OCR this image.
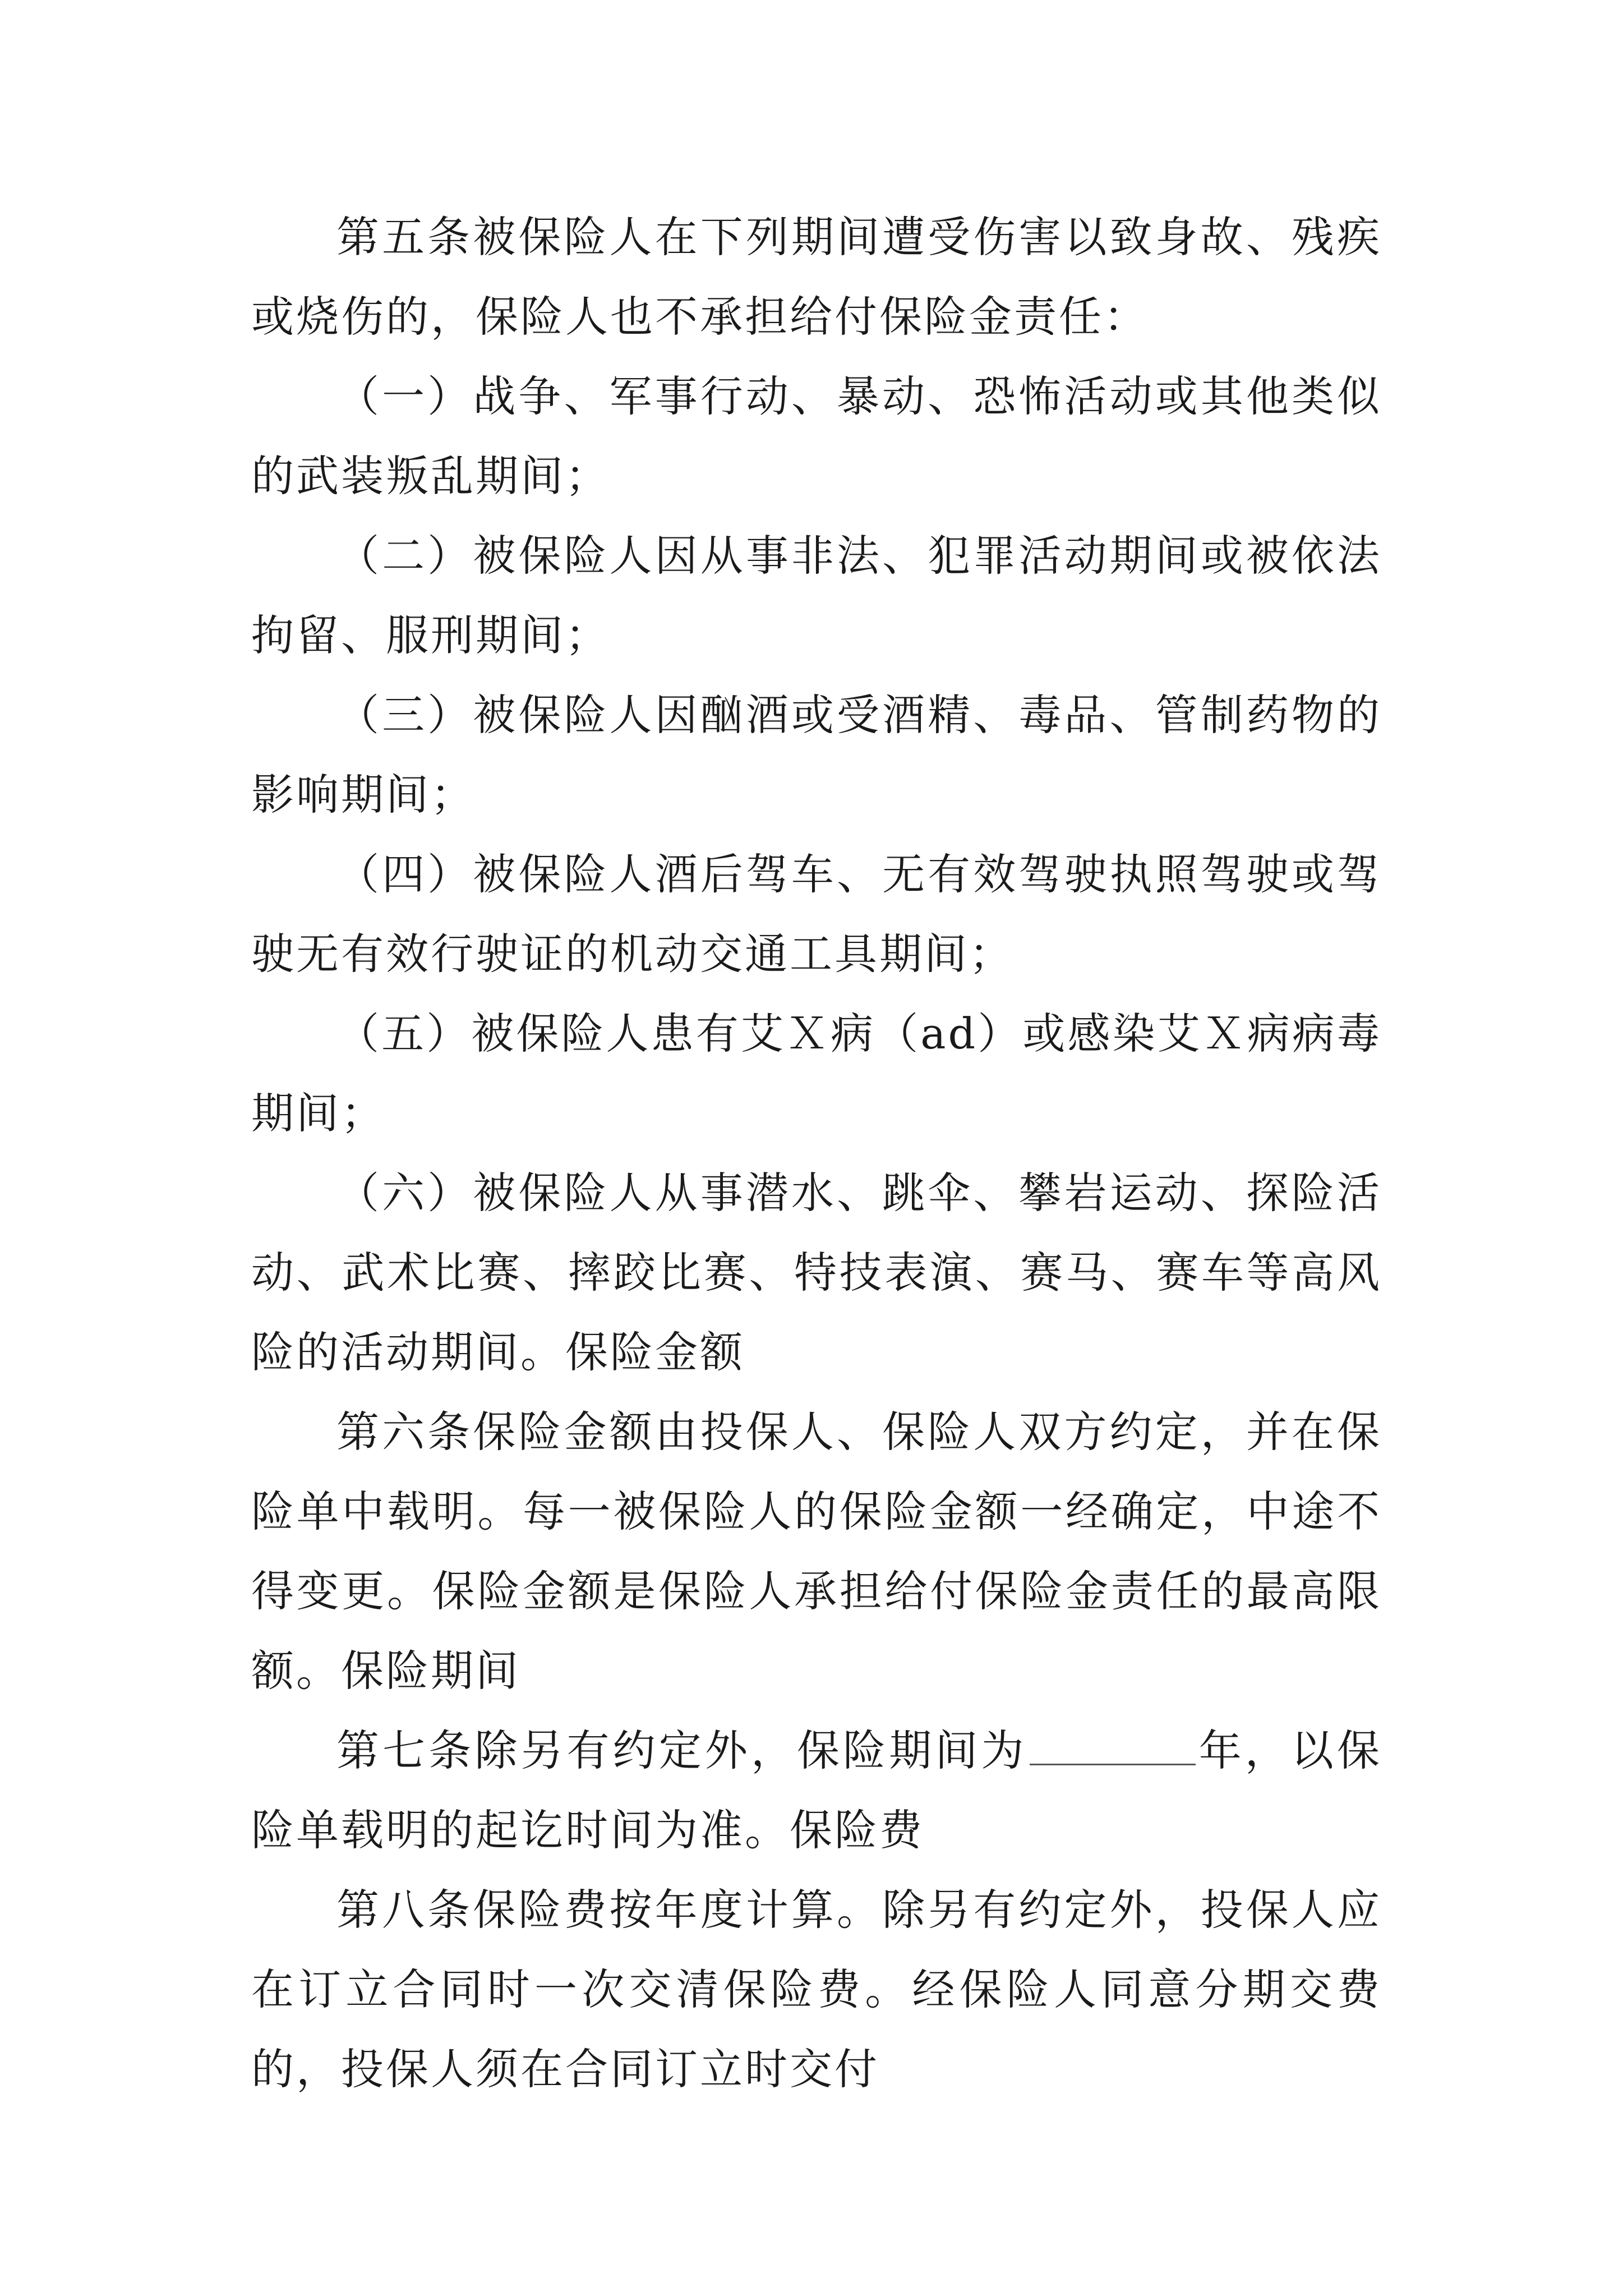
第五条被保险人在下列期间遭受伤害以致身故、残疾或烧伤的，保险人也不承担给付保险金责任：

（一）战争、军事行动、暴动、恐怖活动或其他类似的武装叛乱期间；

（二）被保险人因从事非法、犯罪活动期间或被依法拘留、服刑期间；

（三）被保险人因酗酒或受酒精、毒品、管制药物的影响期间；

（四）被保险人酒后驾车、无有效驾驶执照驾驶或驾驶无有效行驶证的机动交通工具期间；

（五）被保险人患有艾Ｘ病（ad）或感染艾Ｘ病病毒期间；

（六）被保险人从事潜水、跳伞、攀岩运动、探险活动、武术比赛、摔跤比赛、特技表演、赛马、赛车等高风险的活动期间。保险金额

第六条保险金额由投保人、保险人双方约定，并在保险单中载明。每一被保险人的保险金额一经确定，中途不得变更。保险金额是保险人承担给付保险金责任的最高限额。保险期间

第七条除另有约定外，保险期间为	年，以保险单载明的起讫时间为准。保险费

第八条保险费按年度计算。除另有约定外，投保人应在订立合同时一次交清保险费。经保险人同意分期交费的，投保人须在合同订立时交付
